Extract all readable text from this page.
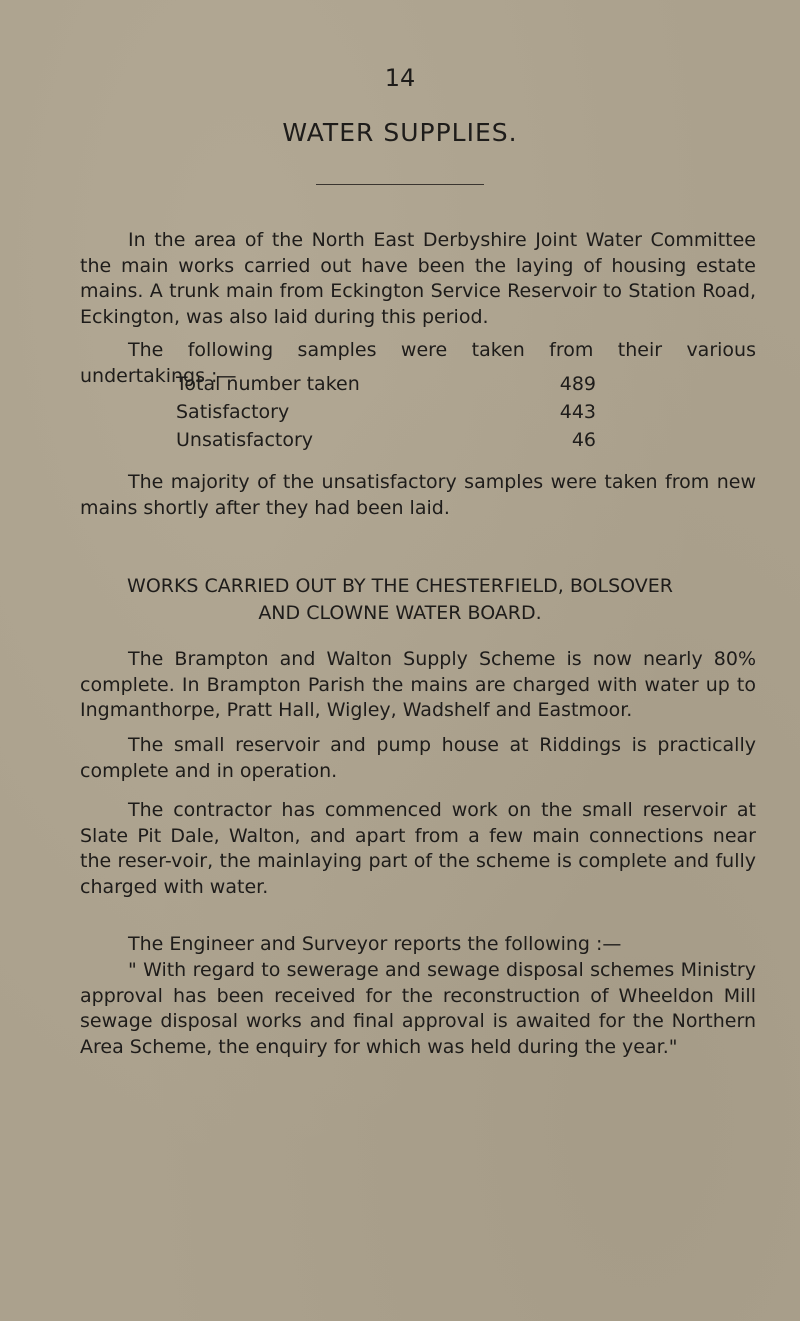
14
WATER SUPPLIES.

In the area of the North East Derbyshire Joint Water Committee the main works carried out have been the laying of housing estate mains. A trunk main from Eckington Service Reservoir to Station Road, Eckington, was also laid during this period.

The following samples were taken from their various undertakings :—

Total number taken	489
Satisfactory	443
Unsatisfactory	46

The majority of the unsatisfactory samples were taken from new mains shortly after they had been laid.

WORKS CARRIED OUT BY THE CHESTERFIELD, BOLSOVER
AND CLOWNE WATER BOARD.

The Brampton and Walton Supply Scheme is now nearly 80% complete. In Brampton Parish the mains are charged with water up to Ingmanthorpe, Pratt Hall, Wigley, Wadshelf and Eastmoor.

The small reservoir and pump house at Riddings is practically complete and in operation.

The contractor has commenced work on the small reservoir at Slate Pit Dale, Walton, and apart from a few main connections near the reser-voir, the mainlaying part of the scheme is complete and fully charged with water.

The Engineer and Surveyor reports the following :—

" With regard to sewerage and sewage disposal schemes Ministry approval has been received for the reconstruction of Wheeldon Mill sewage disposal works and final approval is awaited for the Northern Area Scheme, the enquiry for which was held during the year."
